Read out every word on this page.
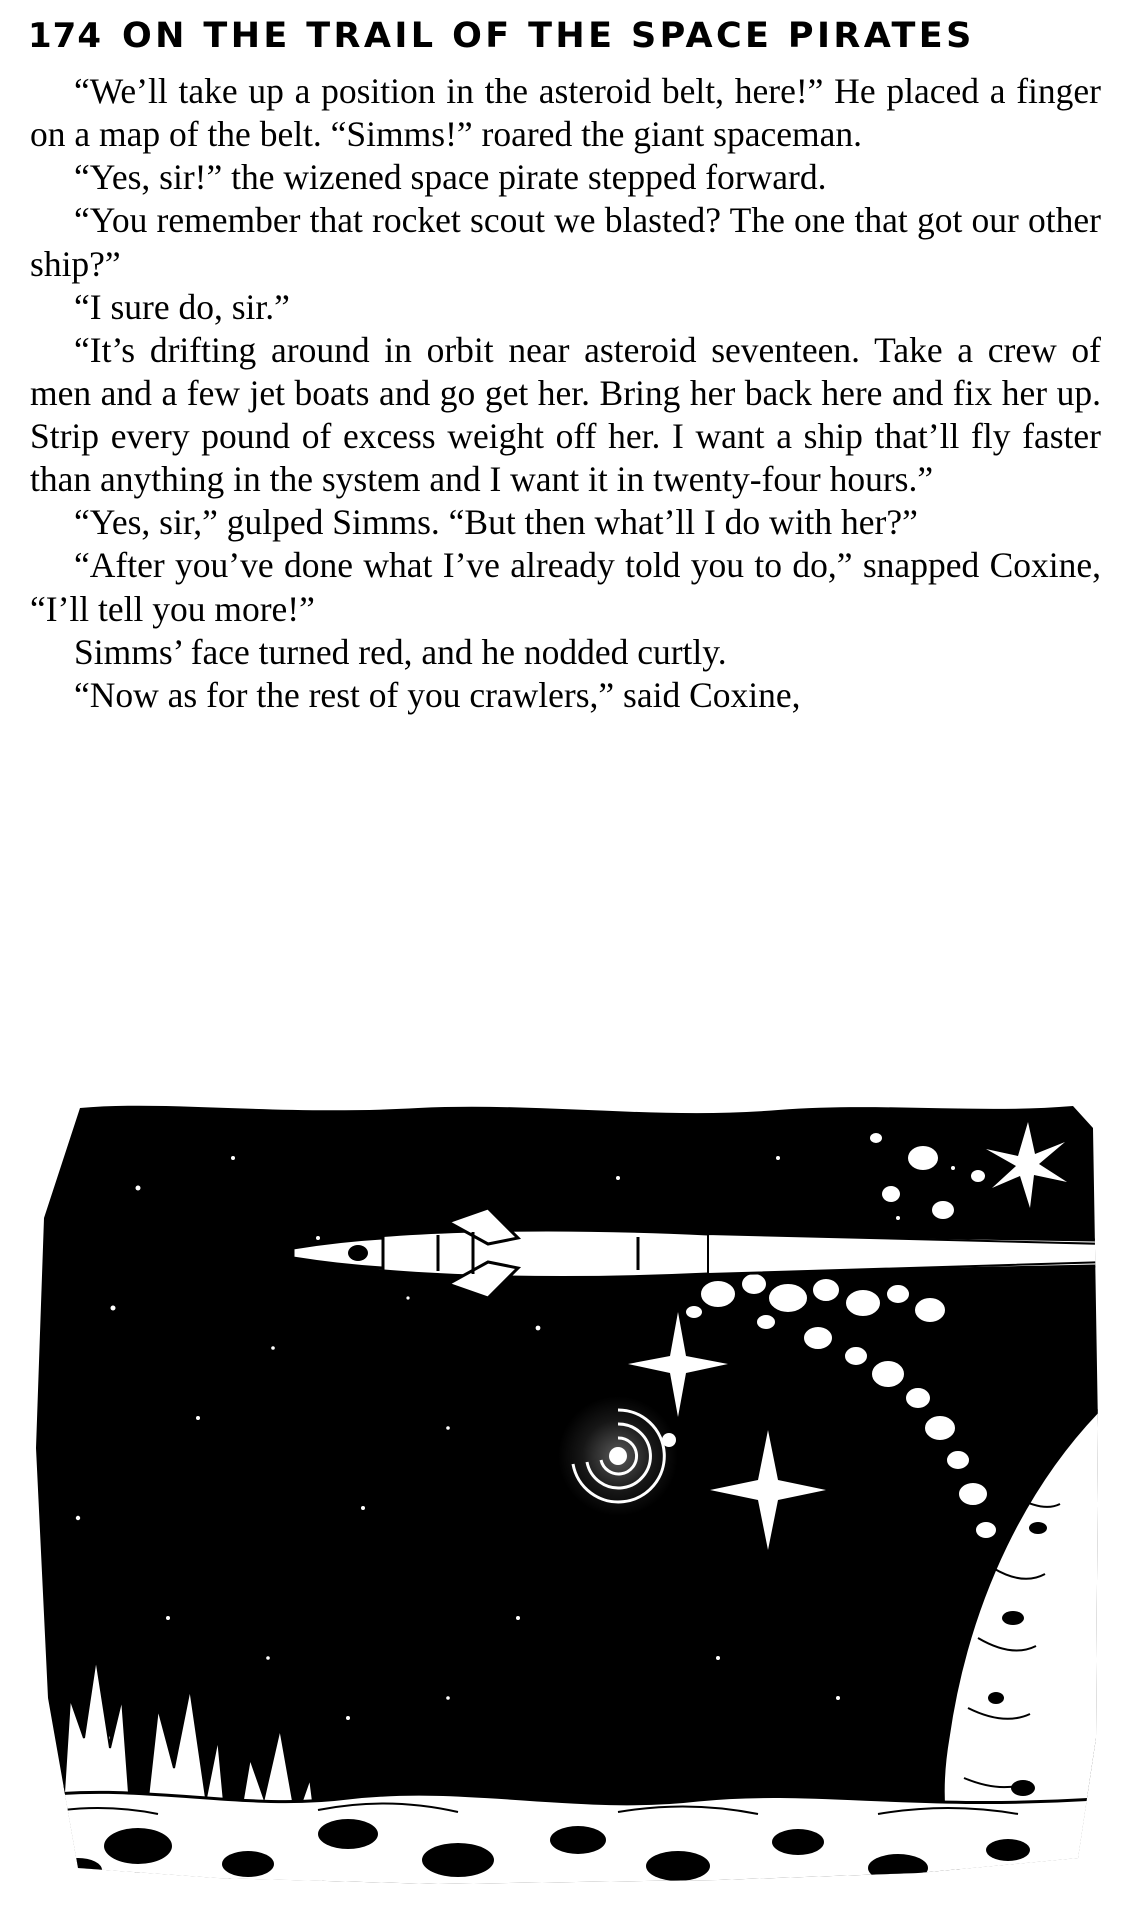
174 ON THE TRAIL OF THE SPACE PIRATES

“We’ll take up a position in the asteroid belt, here!” He placed a finger on a map of the belt. “Simms!” roared the giant spaceman.

“Yes, sir!” the wizened space pirate stepped forward.

“You remember that rocket scout we blasted? The one that got our other ship?”

“I sure do, sir.”

“It’s drifting around in orbit near asteroid seventeen. Take a crew of men and a few jet boats and go get her. Bring her back here and fix her up. Strip every pound of excess weight off her. I want a ship that’ll fly faster than anything in the system and I want it in twenty-four hours.”

“Yes, sir,” gulped Simms. “But then what’ll I do with her?”

“After you’ve done what I’ve already told you to do,” snapped Coxine, “I’ll tell you more!”

Simms’ face turned red, and he nodded curtly.

“Now as for the rest of you crawlers,” said Coxine,
